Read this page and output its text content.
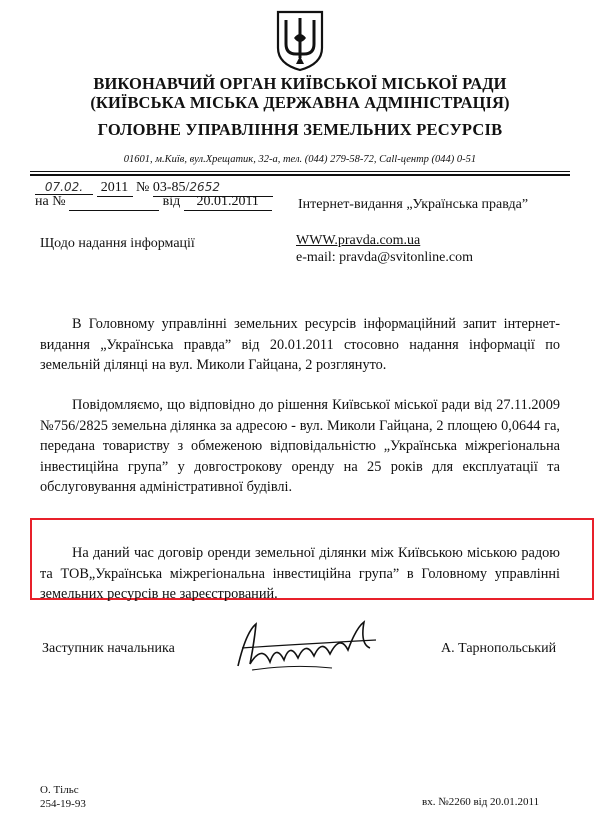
ВИКОНАВЧИЙ ОРГАН КИЇВСЬКОЇ МІСЬКОЇ РАДИ
(КИЇВСЬКА МІСЬКА ДЕРЖАВНА АДМІНІСТРАЦІЯ)
ГОЛОВНЕ УПРАВЛІННЯ ЗЕМЕЛЬНИХ РЕСУРСІВ
01601, м.Київ, вул.Хрещатик, 32-а, тел. (044) 279-58-72, Call-центр (044) 0-51
07.02. 2011 № 03-85/2652
на №	від 20.01.2011	Інтернет-видання „Українська правда”
Щодо надання інформації	WWW.pravda.com.ua
e-mail: pravda@svitonline.com

В Головному управлінні земельних ресурсів інформаційний запит інтернет-видання „Українська правда” від 20.01.2011 стосовно надання інформації по земельній ділянці на вул. Миколи Гайцана, 2 розглянуто.

Повідомляємо, що відповідно до рішення Київської міської ради від 27.11.2009 №756/2825 земельна ділянка за адресою - вул. Миколи Гайцана, 2 площею 0,0644 га, передана товариству з обмеженою відповідальністю „Українська міжрегіональна інвестиційна група” у довгострокову оренду на 25 років для експлуатації та обслуговування адміністративної будівлі.

На даний час договір оренди земельної ділянки між Київською міською радою та ТОВ„Українська міжрегіональна інвестиційна група” в Головному управлінні земельних ресурсів не зареєстрований.

Заступник начальника	А. Тарнопольський
О. Тільс
254-19-93	вх. №2260 від 20.01.2011
